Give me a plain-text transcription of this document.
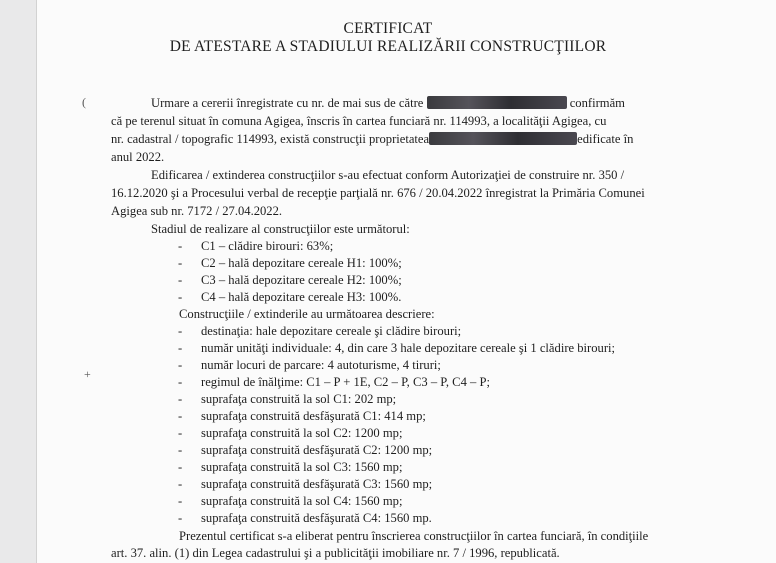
CERTIFICAT
DE ATESTARE A STADIULUI REALIZĂRII CONSTRUCŢIILOR
(
+
Urmare a cererii înregistrate cu nr. de mai sus de către	confirmăm
că pe terenul situat în comuna Agigea, înscris în cartea funciară nr. 114993, a localităţii Agigea, cu
nr. cadastral / topografic 114993, există construcţii proprietatea	edificate în
anul 2022.
Edificarea / extinderea construcţiilor s-au efectuat conform Autorizaţiei de construire nr. 350 /
16.12.2020 şi a Procesului verbal de recepţie parţială nr. 676 / 20.04.2022 înregistrat la Primăria Comunei
Agigea sub nr. 7172 / 27.04.2022.
Stadiul de realizare al construcţiilor este următorul:
- C1 – clădire birouri: 63%;
- C2 – hală depozitare cereale H1: 100%;
- C3 – hală depozitare cereale H2: 100%;
- C4 – hală depozitare cereale H3: 100%.
Construcţiile / extinderile au următoarea descriere:
- destinaţia: hale depozitare cereale şi clădire birouri;
- număr unităţi individuale: 4, din care 3 hale depozitare cereale şi 1 clădire birouri;
- număr locuri de parcare: 4 autoturisme, 4 tiruri;
- regimul de înălţime: C1 – P + 1E, C2 – P, C3 – P, C4 – P;
- suprafaţa construită la sol C1: 202 mp;
- suprafaţa construită desfăşurată C1: 414 mp;
- suprafaţa construită la sol C2: 1200 mp;
- suprafaţa construită desfăşurată C2: 1200 mp;
- suprafaţa construită la sol C3: 1560 mp;
- suprafaţa construită desfăşurată C3: 1560 mp;
- suprafaţa construită la sol C4: 1560 mp;
- suprafaţa construită desfăşurată C4: 1560 mp.
Prezentul certificat s-a eliberat pentru înscrierea construcţiilor în cartea funciară, în condiţiile
art. 37. alin. (1) din Legea cadastrului şi a publicităţii imobiliare nr. 7 / 1996, republicată.
